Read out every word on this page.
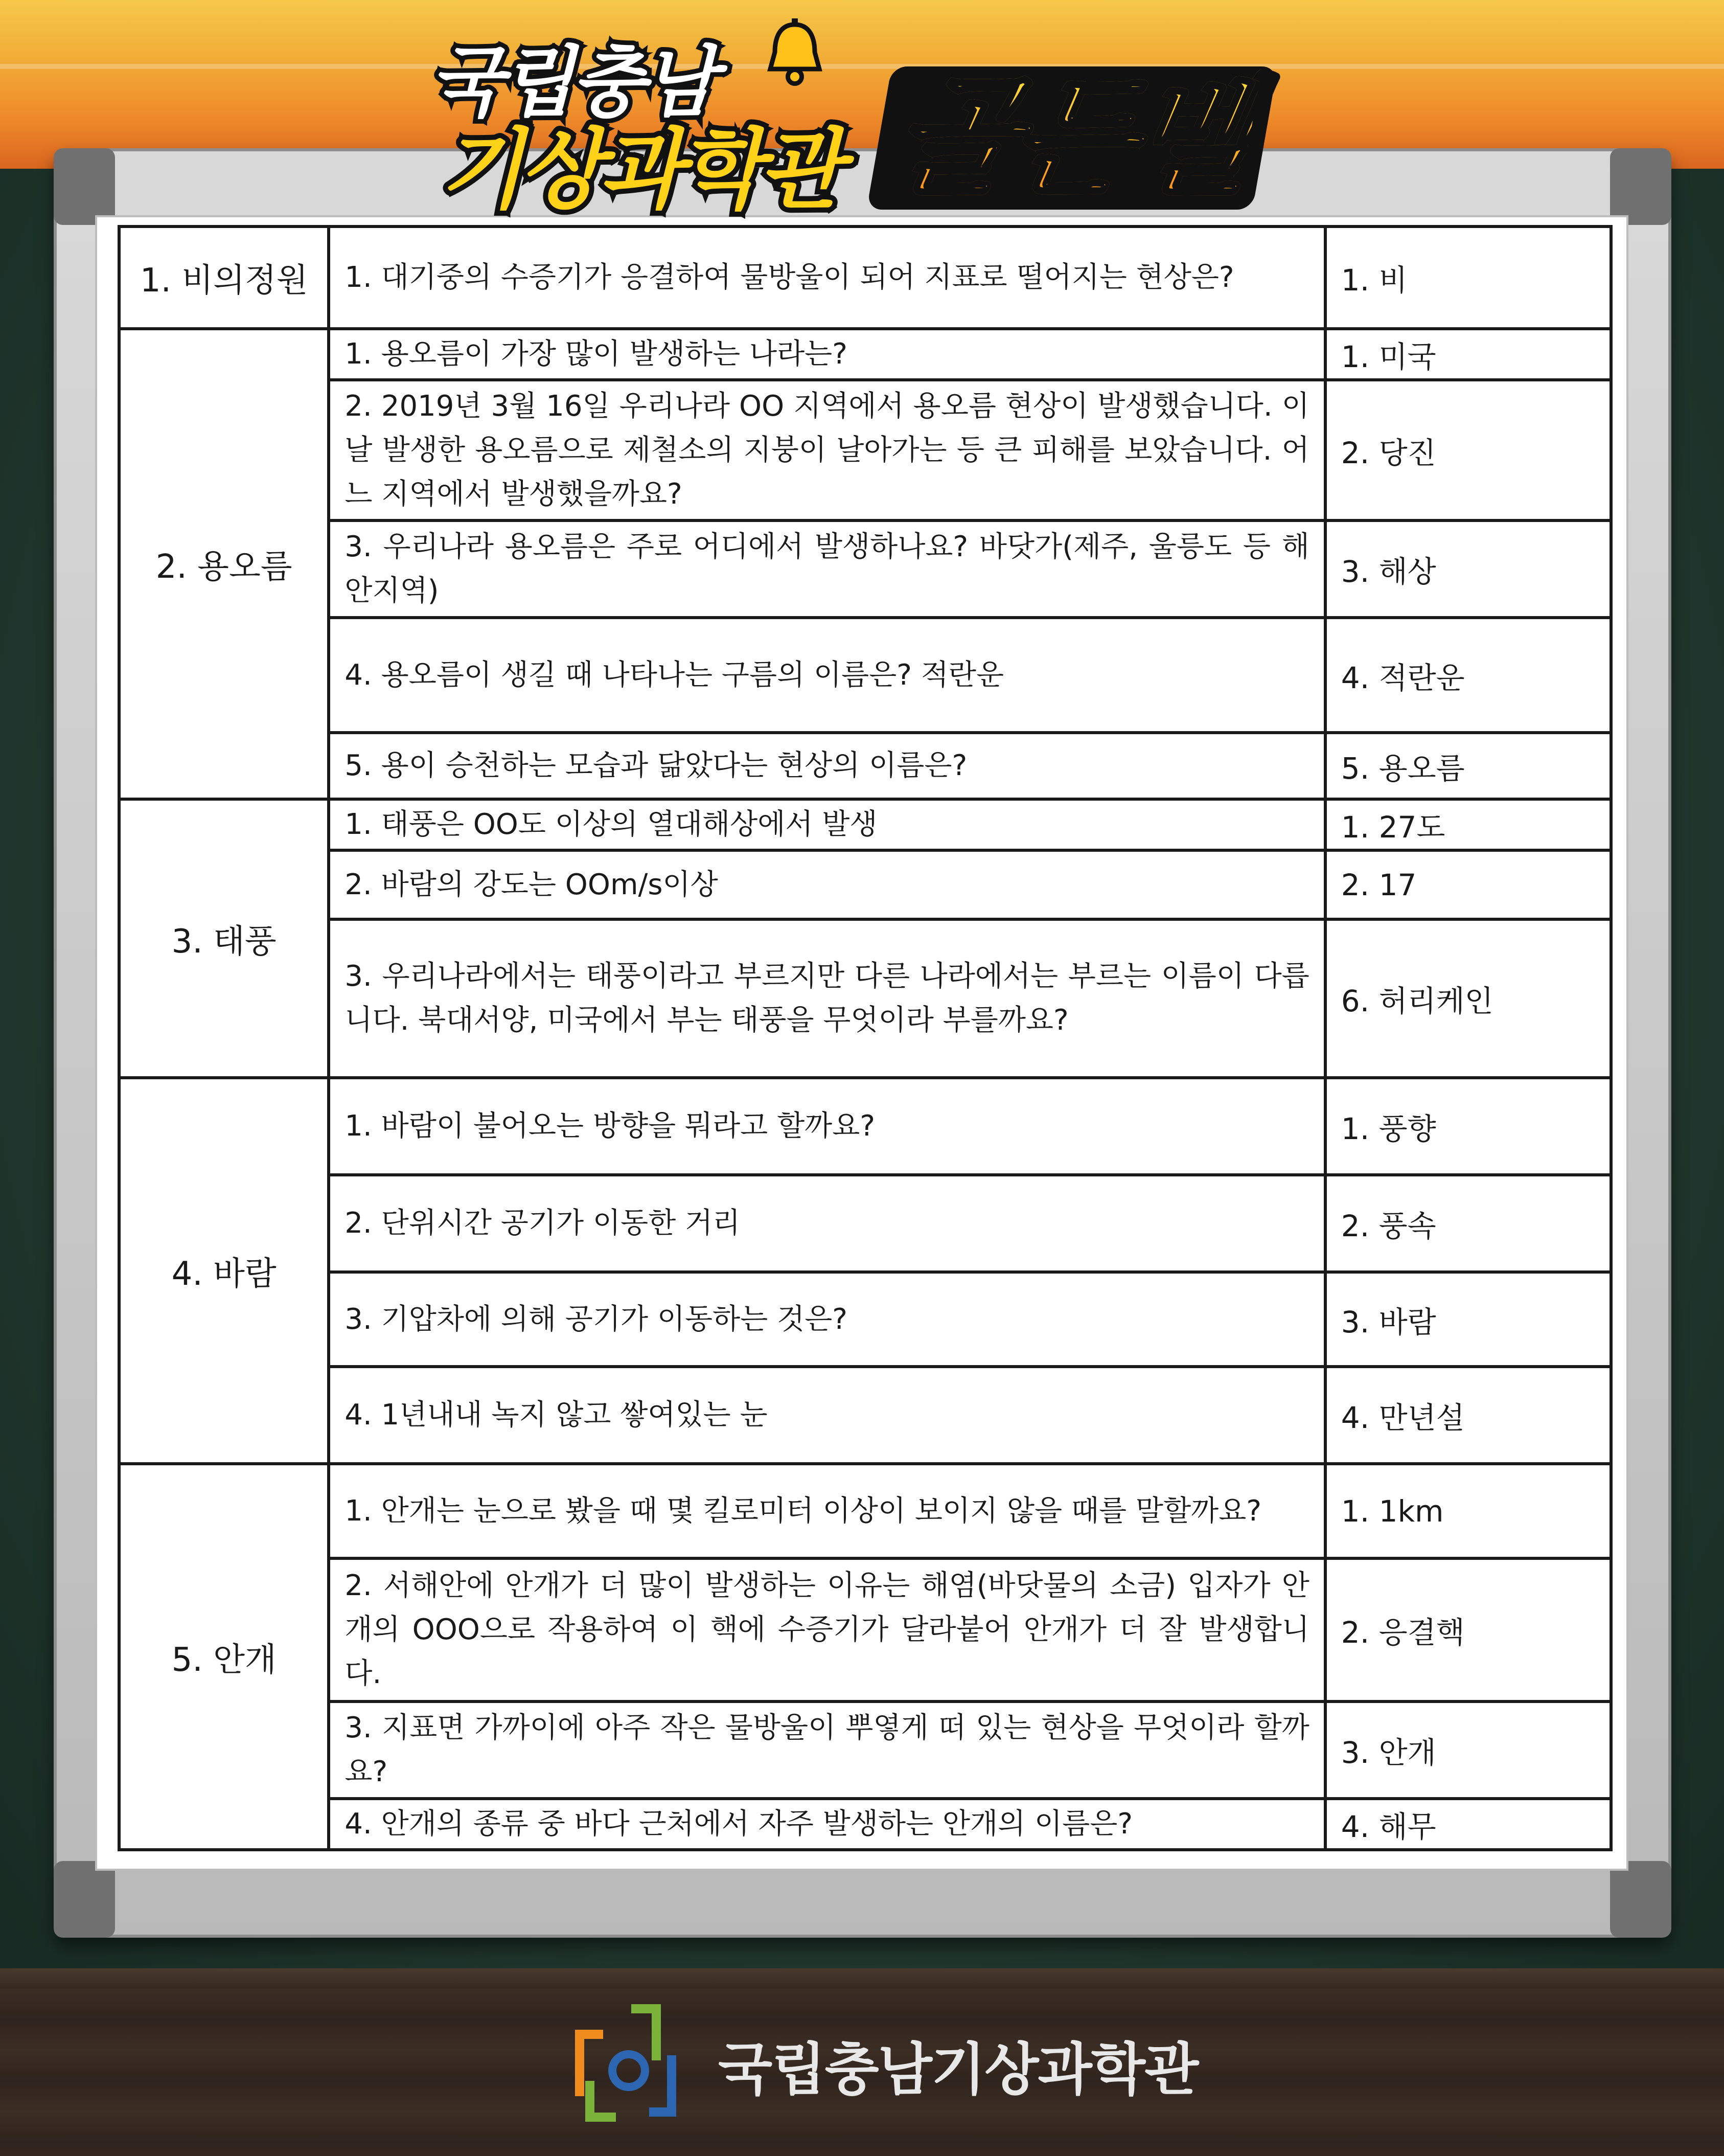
국립충남
기상과학관 골든벨
1. 비의정원	1. 대기중의 수증기가 응결하여 물방울이 되어 지표로 떨어지는 현상은?	1. 비
2. 용오름	1. 용오름이 가장 많이 발생하는 나라는?	1. 미국
	2. 2019년 3월 16일 우리나라 OO 지역에서 용오름 현상이 발생했습니다. 이날 발생한 용오름으로 제철소의 지붕이 날아가는 등 큰 피해를 보았습니다. 어느 지역에서 발생했을까요?	2. 당진
	3. 우리나라 용오름은 주로 어디에서 발생하나요? 바닷가(제주, 울릉도 등 해안지역)	3. 해상
	4. 용오름이 생길 때 나타나는 구름의 이름은? 적란운	4. 적란운
	5. 용이 승천하는 모습과 닮았다는 현상의 이름은?	5. 용오름
3. 태풍	1. 태풍은 OO도 이상의 열대해상에서 발생	1. 27도
	2. 바람의 강도는 OOm/s이상	2. 17
	3. 우리나라에서는 태풍이라고 부르지만 다른 나라에서는 부르는 이름이 다릅니다. 북대서양, 미국에서 부는 태풍을 무엇이라 부를까요?	6. 허리케인
4. 바람	1. 바람이 불어오는 방향을 뭐라고 할까요?	1. 풍향
	2. 단위시간 공기가 이동한 거리	2. 풍속
	3. 기압차에 의해 공기가 이동하는 것은?	3. 바람
	4. 1년내내 녹지 않고 쌓여있는 눈	4. 만년설
5. 안개	1. 안개는 눈으로 봤을 때 몇 킬로미터 이상이 보이지 않을 때를 말할까요?	1. 1km
	2. 서해안에 안개가 더 많이 발생하는 이유는 해염(바닷물의 소금) 입자가 안개의 OOO으로 작용하여 이 핵에 수증기가 달라붙어 안개가 더 잘 발생합니다.	2. 응결핵
	3. 지표면 가까이에 아주 작은 물방울이 뿌옇게 떠 있는 현상을 무엇이라 할까요?	3. 안개
	4. 안개의 종류 중 바다 근처에서 자주 발생하는 안개의 이름은?	4. 해무
국립충남기상과학관
